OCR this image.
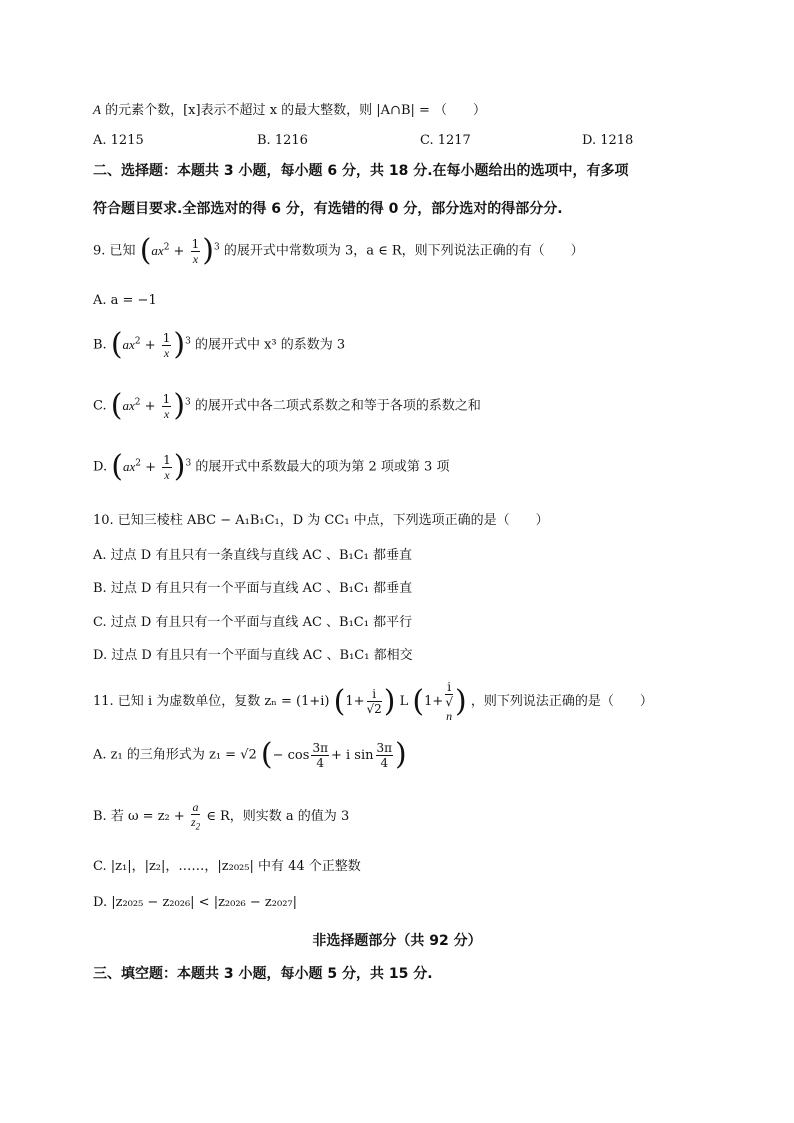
A 的元素个数，[x]表示不超过 x 的最大整数，则 |A∩B| = （　　）
A. 1215	B. 1216	C. 1217	D. 1218
二、选择题：本题共 3 小题，每小题 6 分，共 18 分.在每小题给出的选项中，有多项
符合题目要求.全部选对的得 6 分，有选错的得 0 分，部分选对的得部分分.
9. 已知 $(ax^2 + \frac{1}{x} )^3$ 的展开式中常数项为 3，a ∈ R，则下列说法正确的有（　　）
A. a = −1
B. $(ax^2 + \frac{1}{x} )^3$ 的展开式中 x³ 的系数为 3
C. $(ax^2 + \frac{1}{x} )^3$ 的展开式中各二项式系数之和等于各项的系数之和
D. $(ax^2 + \frac{1}{x} )^3$ 的展开式中系数最大的项为第 2 项或第 3 项
10. 已知三棱柱 ABC − A₁B₁C₁，D 为 CC₁ 中点，下列选项正确的是（　　）
A. 过点 D 有且只有一条直线与直线 AC 、B₁C₁ 都垂直
B. 过点 D 有且只有一个平面与直线 AC 、B₁C₁ 都垂直
C. 过点 D 有且只有一个平面与直线 AC 、B₁C₁ 都平行
D. 过点 D 有且只有一个平面与直线 AC 、B₁C₁ 都相交
11. 已知 i 为虚数单位，复数 zₙ = (1+i) ($1+ \frac{i}{√2}$ ) L (1+ i
√
n ) ，则下列说法正确的是（　　）
A. z₁ 的三角形式为 z₁ = √2 (− $\cos \frac{3\pi}{4} + i$ $\sin \frac{3\pi}{4}$ )
B. 若 $\omega = z_2 + \frac{a}{z_2}$ ∈ R，则实数 a 的值为 3
C. |z₁|，|z₂|，……，|z₂₀₂₅| 中有 44 个正整数
D. |z₂₀₂₅ − z₂₀₂₆| < |z₂₀₂₆ − z₂₀₂₇|
非选择题部分（共 92 分）
三、填空题：本题共 3 小题，每小题 5 分，共 15 分.
